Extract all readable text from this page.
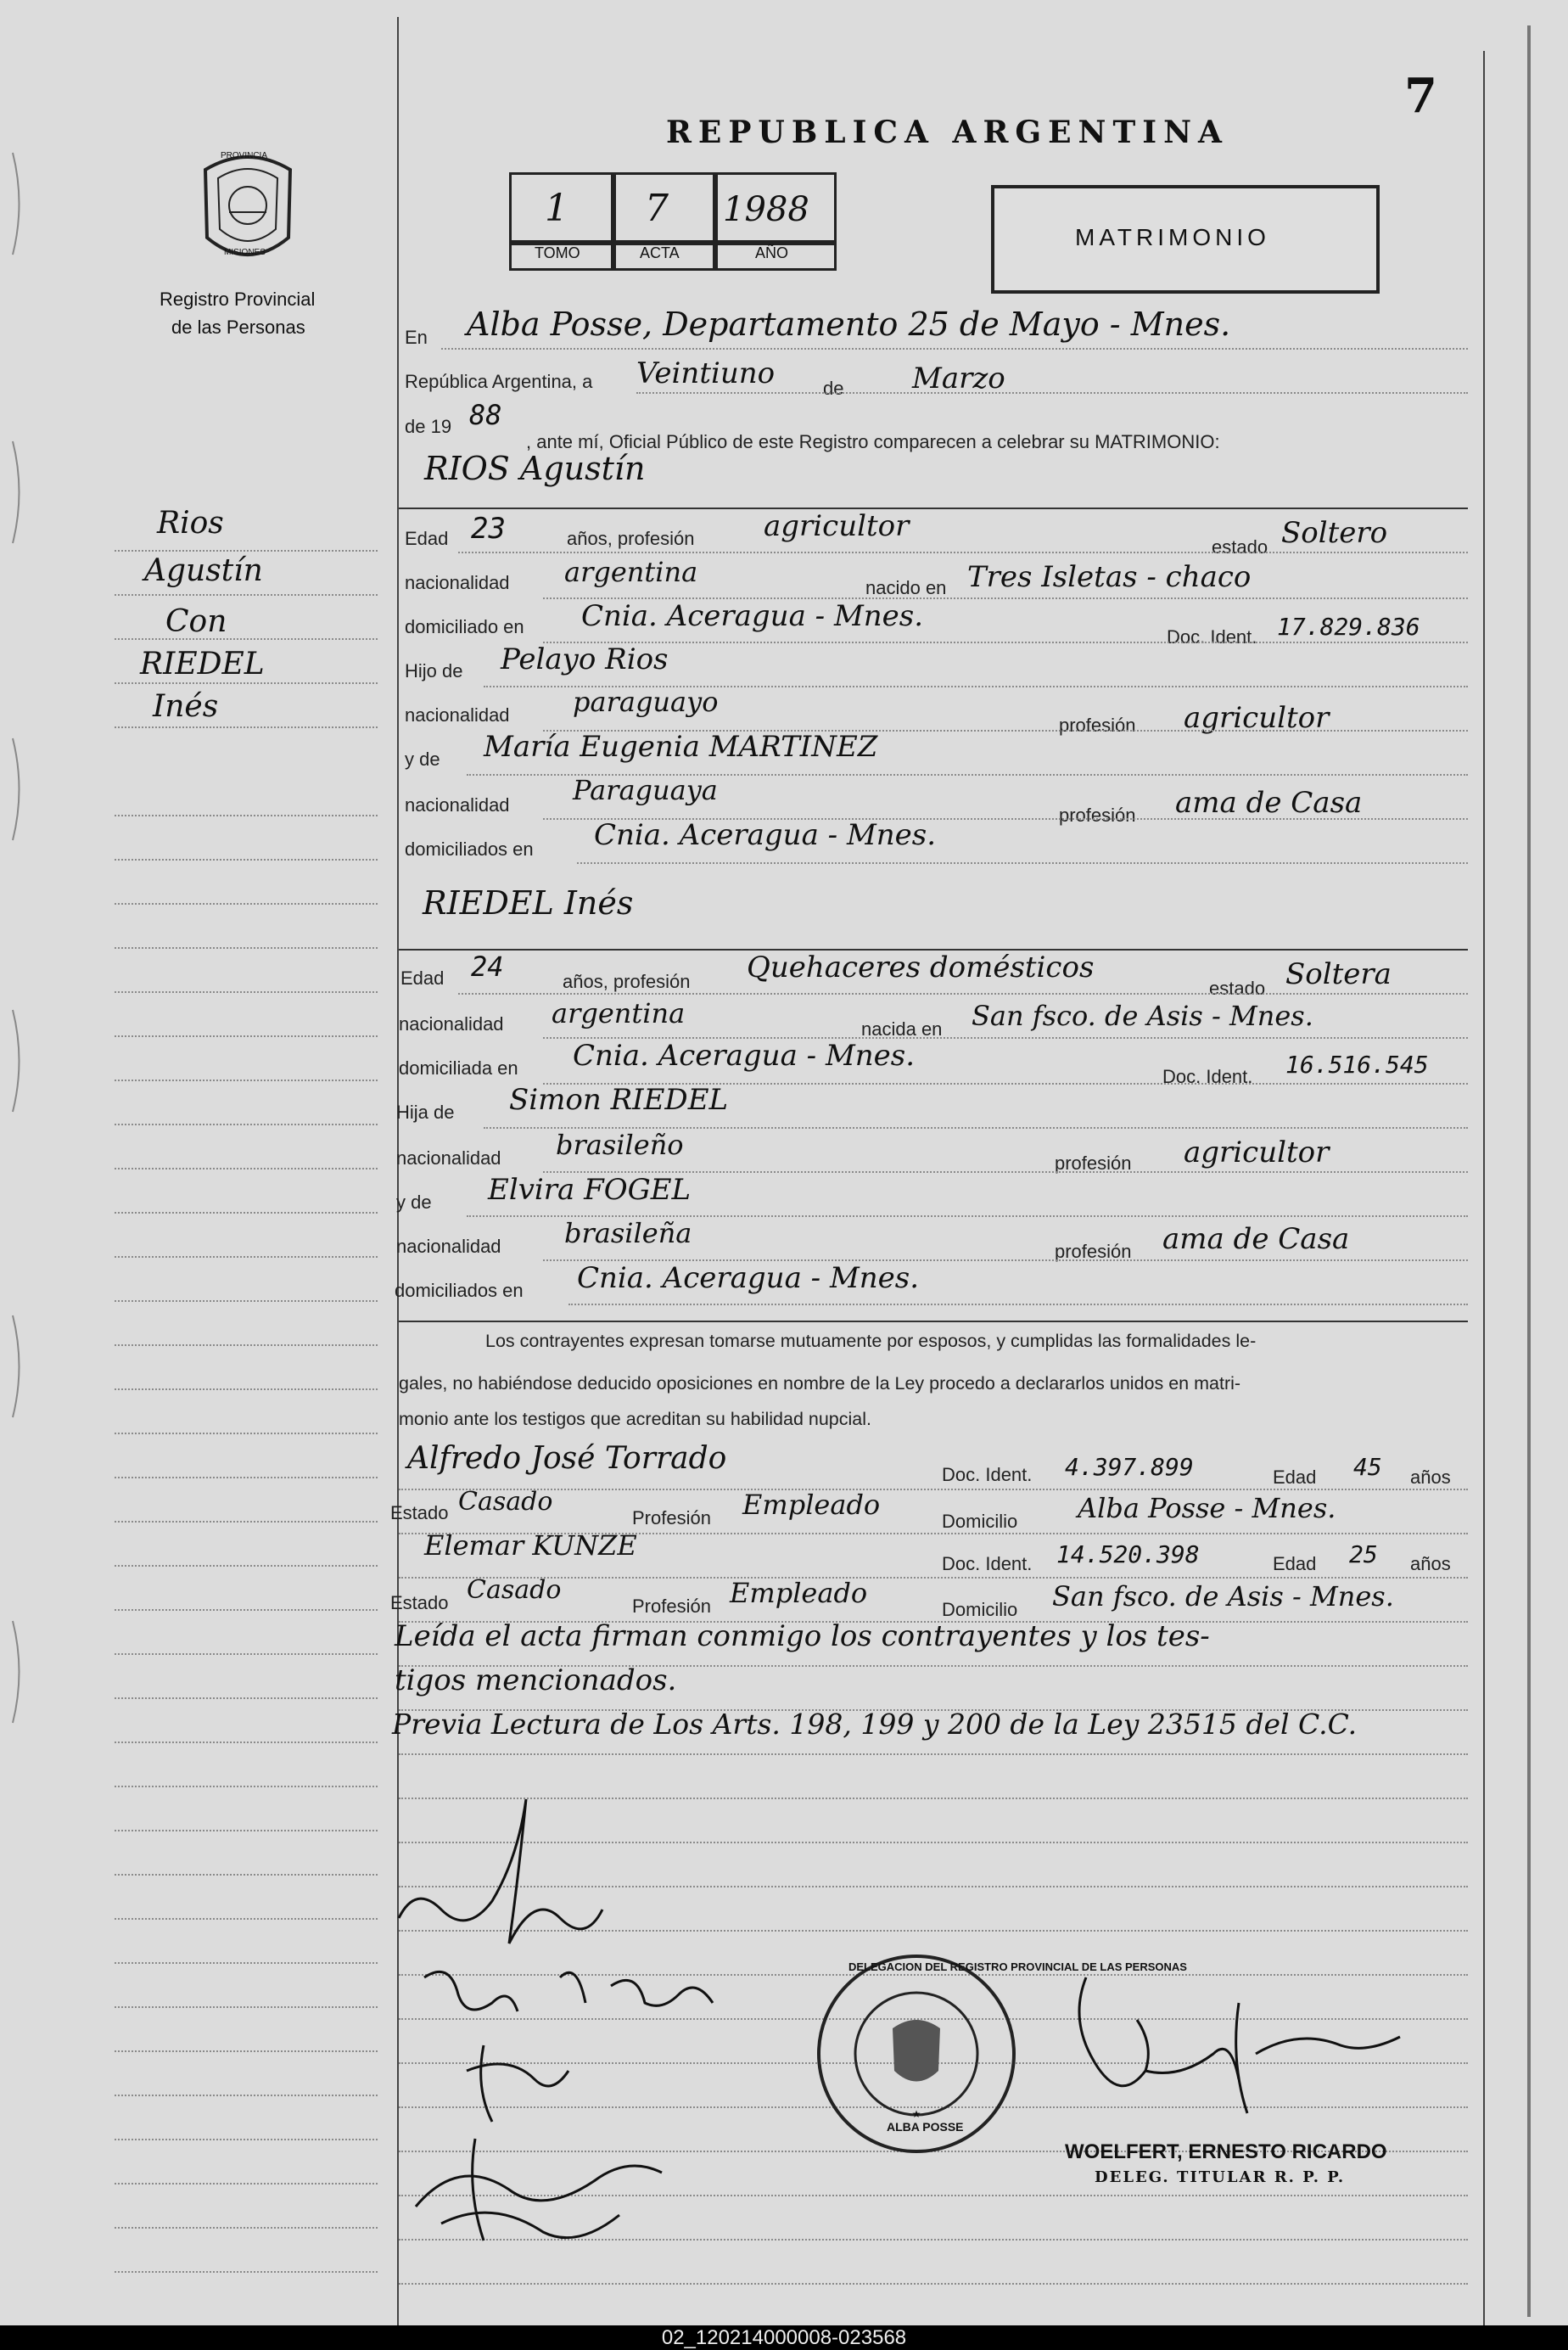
7
REPUBLICA ARGENTINA
MATRIMONIO
PROVINCIA
MISIONES
Registro Provincial
de las Personas
1 7 1988
TOMO	ACTA	AÑO
Rios
Agustín
Con
RIEDEL
Inés
En Alba Posse, Departamento 25 de Mayo - Mnes.
República Argentina, a Veintiuno	de Marzo
de 19 88
, ante mí, Oficial Público de este Registro comparecen a celebrar su MATRIMONIO:
RIOS Agustín
Edad 23	años, profesión agricultor
estado Soltero
nacionalidad argentina	nacido en Tres Isletas - chaco
domiciliado en Cnia. Aceragua - Mnes.
Doc. Ident. 17.829.836
Hijo de Pelayo Rios
nacionalidad paraguayo
profesión agricultor
y de María Eugenia MARTINEZ
nacionalidad Paraguaya
profesión ama de Casa
domiciliados en Cnia. Aceragua - Mnes.
RIEDEL Inés
Edad 24	años, profesión Quehaceres domésticos
estado Soltera
nacionalidad argentina	nacida en San fsco. de Asis - Mnes.
domiciliada en Cnia. Aceragua - Mnes.
Doc. Ident. 16.516.545
Hija de Simon RIEDEL
nacionalidad brasileño
profesión agricultor
y de Elvira FOGEL
nacionalidad brasileña
profesión ama de Casa
domiciliados en Cnia. Aceragua - Mnes.
Los contrayentes expresan tomarse mutuamente por esposos, y cumplidas las formalidades le-
gales, no habiéndose deducido oposiciones en nombre de la Ley procedo a declararlos unidos en matri-
monio ante los testigos que acreditan su habilidad nupcial.
Alfredo José Torrado	Doc. Ident. 4.397.899	Edad 45 años
Estado Casado
Profesión Empleado
Domicilio Alba Posse - Mnes.
Elemar KUNZE
Doc. Ident. 14.520.398	Edad 25 años
Estado Casado
Profesión Empleado
Domicilio San fsco. de Asis - Mnes.
Leída el acta firman conmigo los contrayentes y los tes-
tigos mencionados.
Previa Lectura de Los Arts. 198, 199 y 200 de la Ley 23515 del C.C.
★
DELEGACION DEL REGISTRO PROVINCIAL DE LAS PERSONAS
ALBA POSSE
WOELFERT, ERNESTO RICARDO
DELEG. TITULAR R. P. P.
02_120214000008-023568
